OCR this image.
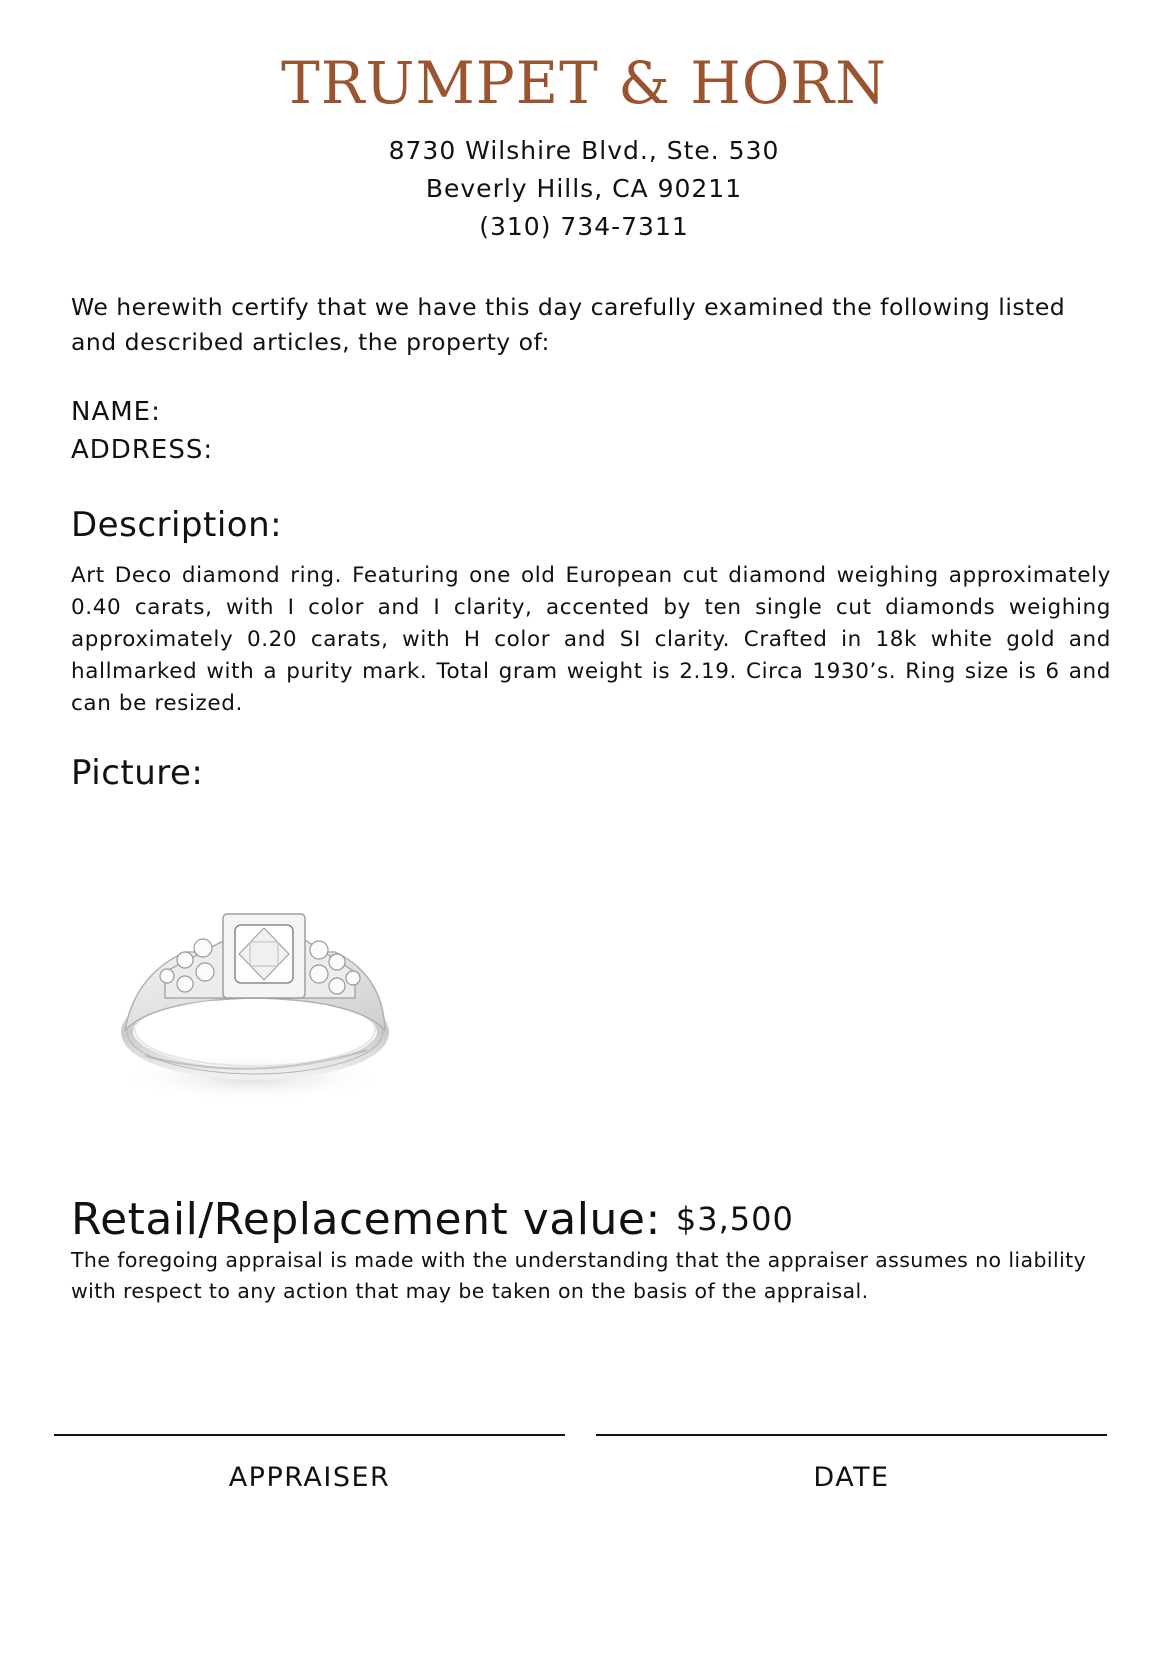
TRUMPET & HORN
8730 Wilshire Blvd., Ste. 530
Beverly Hills, CA 90211
(310) 734-7311
We herewith certify that we have this day carefully examined the following listed and described articles, the property of:
NAME:
ADDRESS:
Description:
Art Deco diamond ring. Featuring one old European cut diamond weighing approximately 0.40 carats, with I color and I clarity, accented by ten single cut diamonds weighing approximately 0.20 carats, with H color and SI clarity. Crafted in 18k white gold and hallmarked with a purity mark. Total gram weight is 2.19. Circa 1930’s. Ring size is 6 and can be resized.
Picture:
Retail/Replacement value: $3,500
The foregoing appraisal is made with the understanding that the appraiser assumes no liability with respect to any action that may be taken on the basis of the appraisal.
APPRAISER	DATE
